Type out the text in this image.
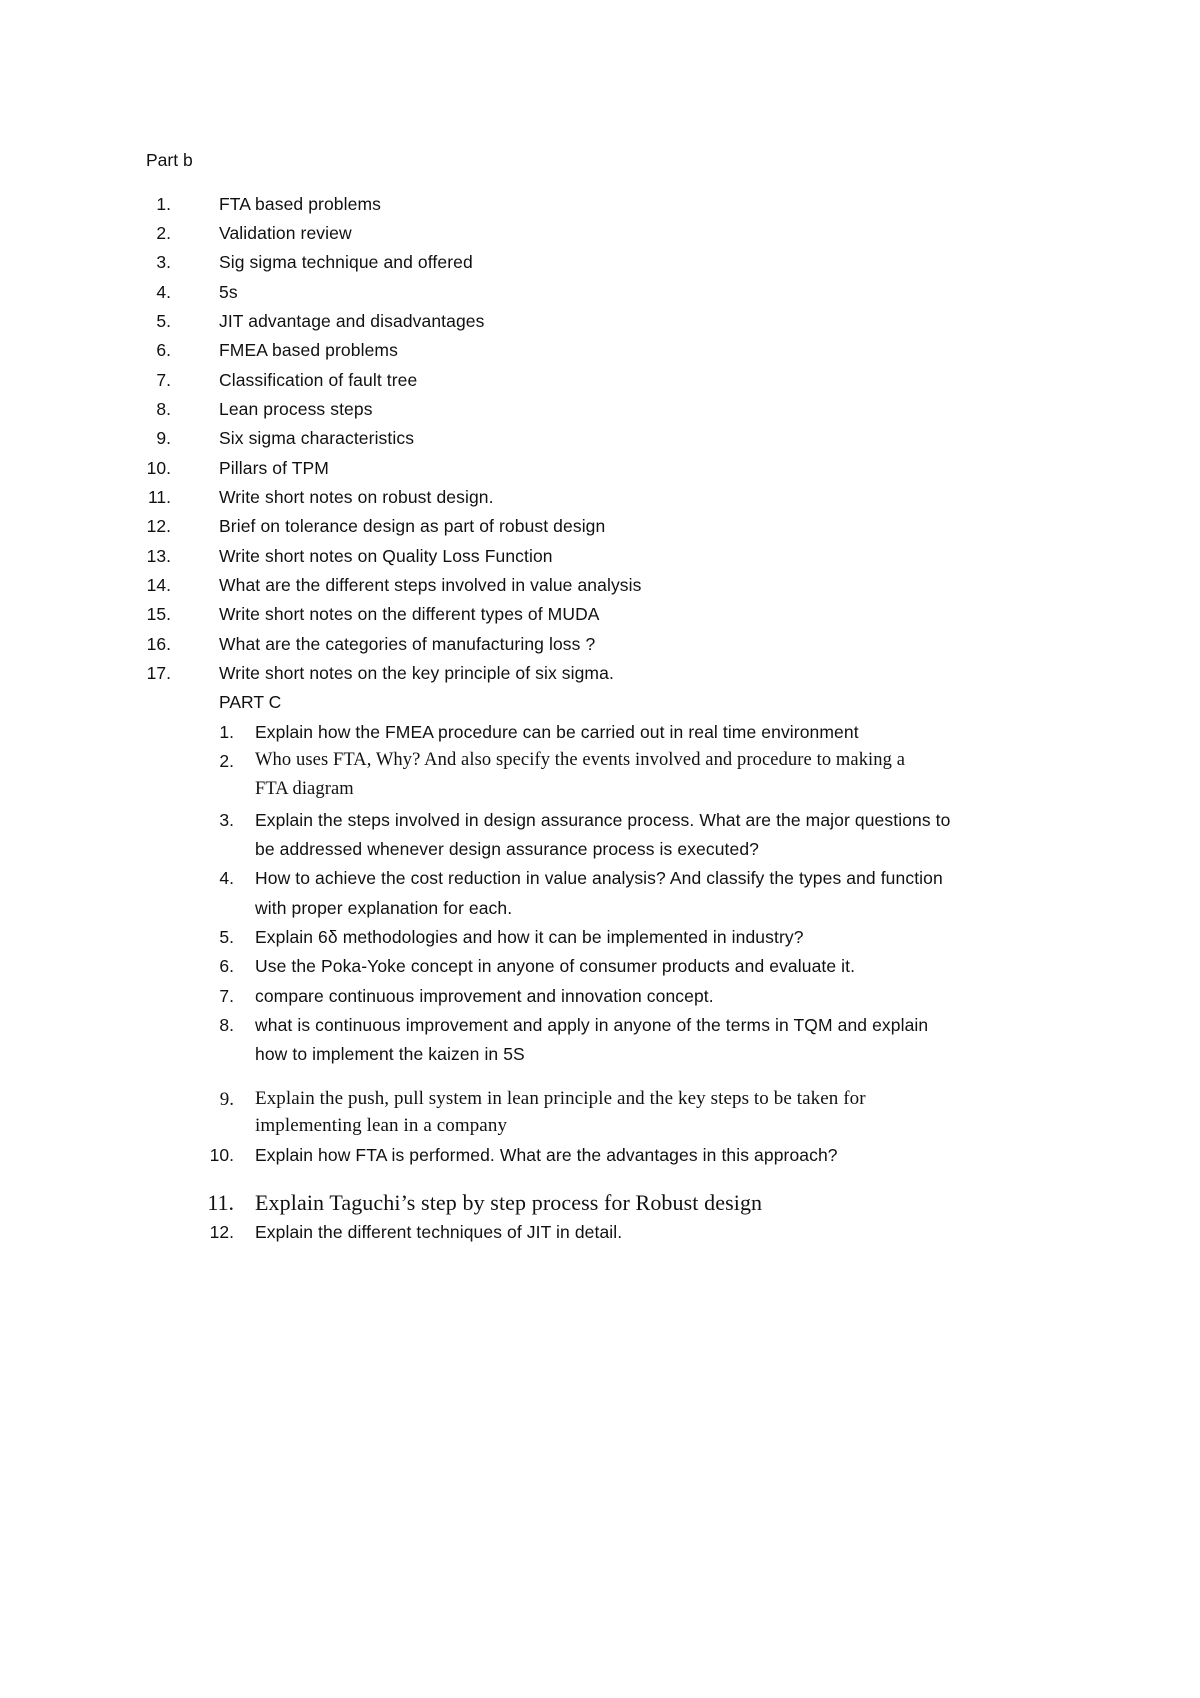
Part b
1.	FTA based problems
2.	Validation review
3.	Sig sigma technique and offered
4.	5s
5.	JIT advantage and disadvantages
6.	FMEA based problems
7.	Classification of fault tree
8.	Lean process steps
9.	Six sigma characteristics
10.	Pillars of TPM
11.	Write short notes on robust design.
12.	Brief on tolerance design as part of robust design
13.	Write short notes on Quality Loss Function
14.	What are the different steps involved in value analysis
15.	Write short notes on the different types of MUDA
16.	What are the categories of manufacturing loss ?
17.	Write short notes on the key principle of six sigma.
PART C
1. Explain how the FMEA procedure can be carried out in real time environment
2. Who uses FTA, Why? And also specify the events involved and procedure to making a
FTA diagram
3. Explain the steps involved in design assurance process. What are the major questions to
be addressed whenever design assurance process is executed?
4. How to achieve the cost reduction in value analysis? And classify the types and function
with proper explanation for each.
5. Explain 6δ methodologies and how it can be implemented in industry?
6. Use the Poka-Yoke concept in anyone of consumer products and evaluate it.
7. compare continuous improvement and innovation concept.
8. what is continuous improvement and apply in anyone of the terms in TQM and explain
how to implement the kaizen in 5S
9. Explain the push, pull system in lean principle and the key steps to be taken for
implementing lean in a company
10. Explain how FTA is performed. What are the advantages in this approach?
11. Explain Taguchi’s step by step process for Robust design
12. Explain the different techniques of JIT in detail.
